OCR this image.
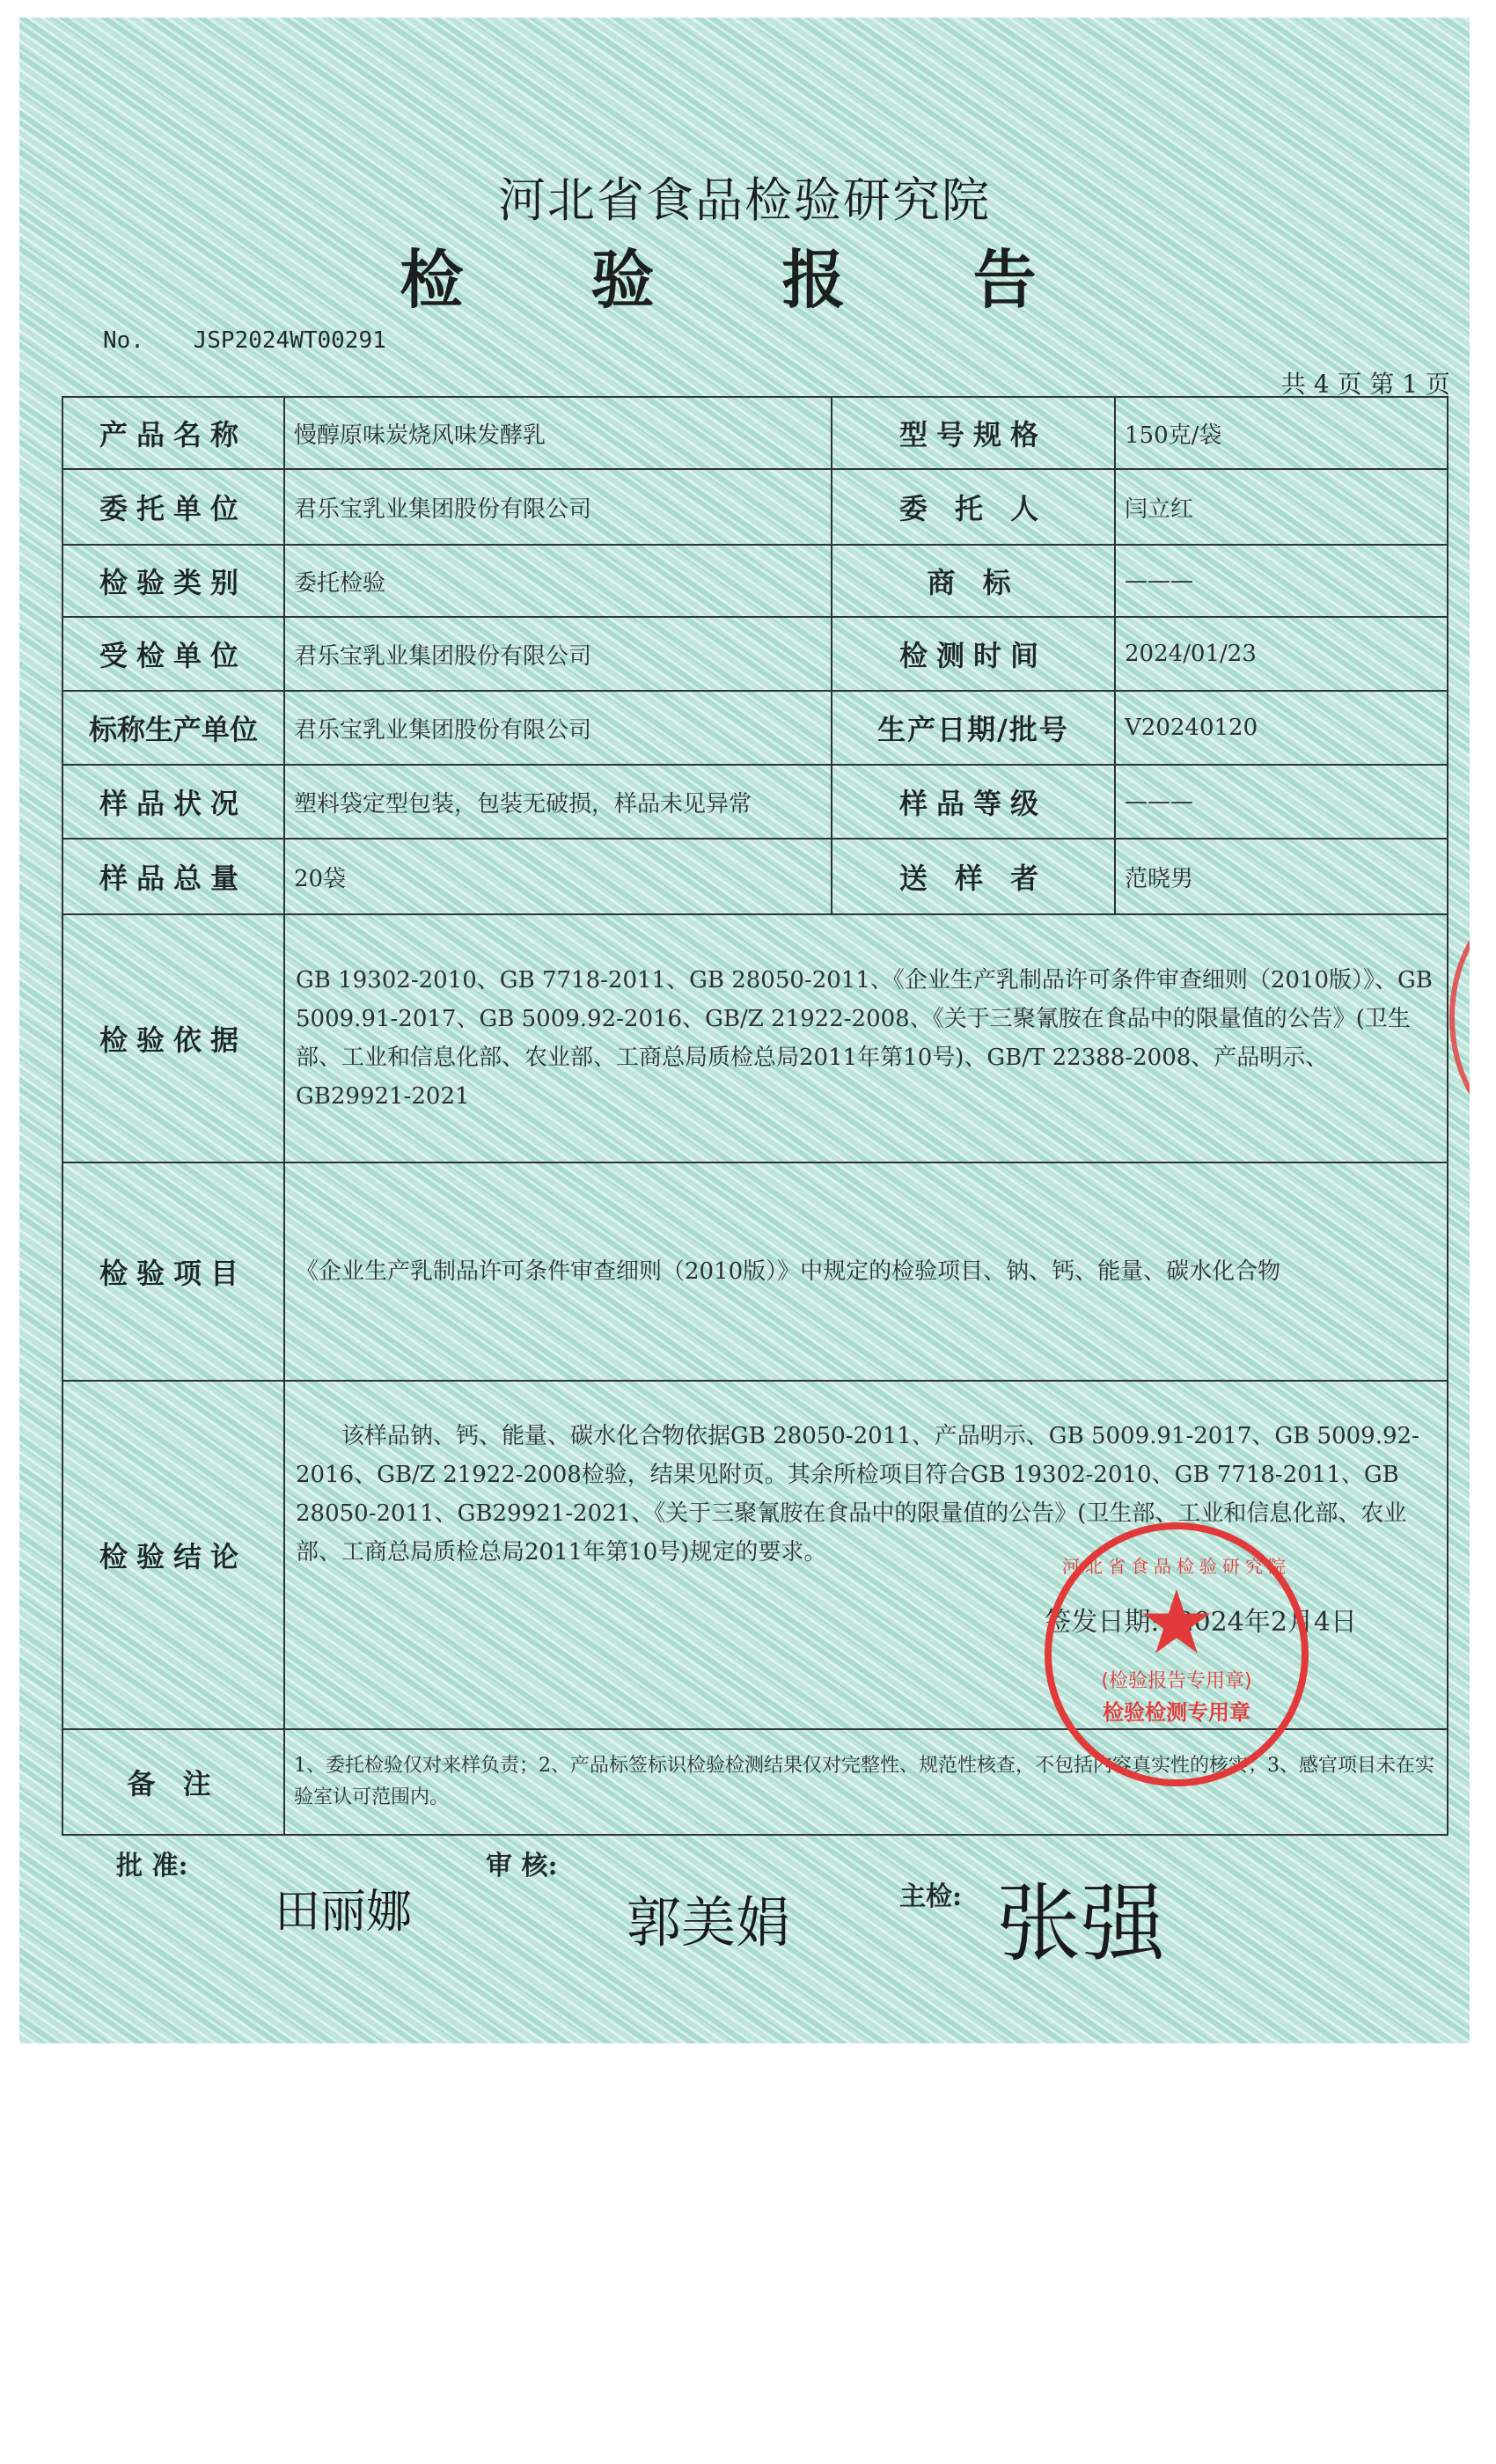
河北省食品检验研究院
检 验 报 告
No. JSP2024WT00291
共 4 页 第 1 页
产品名称	慢醇原味炭烧风味发酵乳	型号规格	150克/袋
委托单位	君乐宝乳业集团股份有限公司	委 托 人	闫立红
检验类别	委托检验	商 标	———
受检单位	君乐宝乳业集团股份有限公司	检测时间	2024/01/23
标称生产单位	君乐宝乳业集团股份有限公司	生产日期/批号	V20240120
样品状况	塑料袋定型包装，包装无破损，样品未见异常	样品等级	———
样品总量	20袋	送 样 者	范晓男
检验依据	GB 19302-2010、GB 7718-2011、GB 28050-2011、《企业生产乳制品许可条件审查细则（2010版）》、GB 5009.91-2017、GB 5009.92-2016、GB/Z 21922-2008、《关于三聚氰胺在食品中的限量值的公告》(卫生部、工业和信息化部、农业部、工商总局质检总局2011年第10号)、GB/T 22388-2008、产品明示、GB29921-2021		
检验项目	《企业生产乳制品许可条件审查细则（2010版）》中规定的检验项目、钠、钙、能量、碳水化合物		
检验结论	该样品钠、钙、能量、碳水化合物依据GB 28050-2011、产品明示、GB 5009.91-2017、GB 5009.92-2016、GB/Z 21922-2008检验，结果见附页。其余所检项目符合GB 19302-2010、GB 7718-2011、GB 28050-2011、GB29921-2021、《关于三聚氰胺在食品中的限量值的公告》(卫生部、工业和信息化部、农业部、工商总局质检总局2011年第10号)规定的要求。
签发日期: 2024年2月4日		

备 注	1、委托检验仅对来样负责；2、产品标签标识检验检测结果仅对完整性、规范性核查，不包括内容真实性的核实；3、感官项目未在实验室认可范围内。		
河北省食品检验研究院
★
(检验报告专用章)
检验检测专用章
批 准:
田丽娜
审 核:
郭美娟	主检: 张强
